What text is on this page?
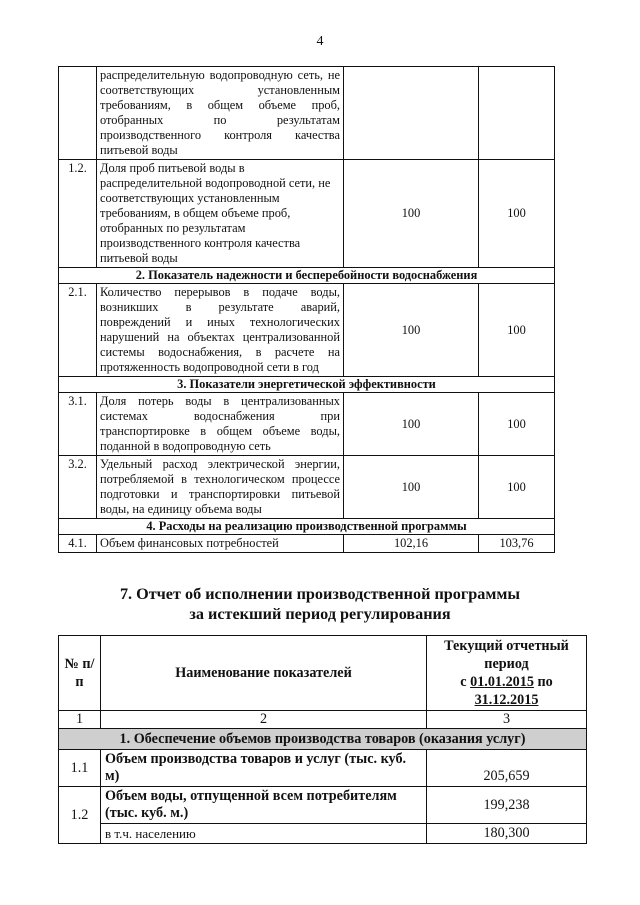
4
	распределительную водопроводную сеть, не соответствующих установленным требованиям, в общем объеме проб, отобранных по результатам производственного контроля качества питьевой воды		
1.2.	Доля проб питьевой воды в распределительной водопроводной сети, не соответствующих установленным требованиям, в общем объеме проб, отобранных по результатам производственного контроля качества питьевой воды	100	100
2. Показатель надежности и бесперебойности водоснабжения			
2.1.	Количество перерывов в подаче воды, возникших в результате аварий, повреждений и иных технологических нарушений на объектах централизованной системы водоснабжения, в расчете на протяженность водопроводной сети в год	100	100
3. Показатели энергетической эффективности			
3.1.	Доля потерь воды в централизованных системах водоснабжения при транспортировке в общем объеме воды, поданной в водопроводную сеть	100	100
3.2.	Удельный расход электрической энергии, потребляемой в технологическом процессе подготовки и транспортировки питьевой воды, на единицу объема воды	100	100
4. Расходы на реализацию производственной программы			
4.1.	Объем финансовых потребностей	102,16	103,76
7. Отчет об исполнении производственной программы
за истекший период регулирования
№ п/п	Наименование показателей	Текущий отчетный период
с 01.01.2015 по
31.12.2015

1	2	3
1. Обеспечение объемов производства товаров (оказания услуг)		
1.1	Объем производства товаров и услуг (тыс. куб. м)	205,659
1.2	Объем воды, отпущенной всем потребителям (тыс. куб. м.)	199,238
	в т.ч. населению	180,300
